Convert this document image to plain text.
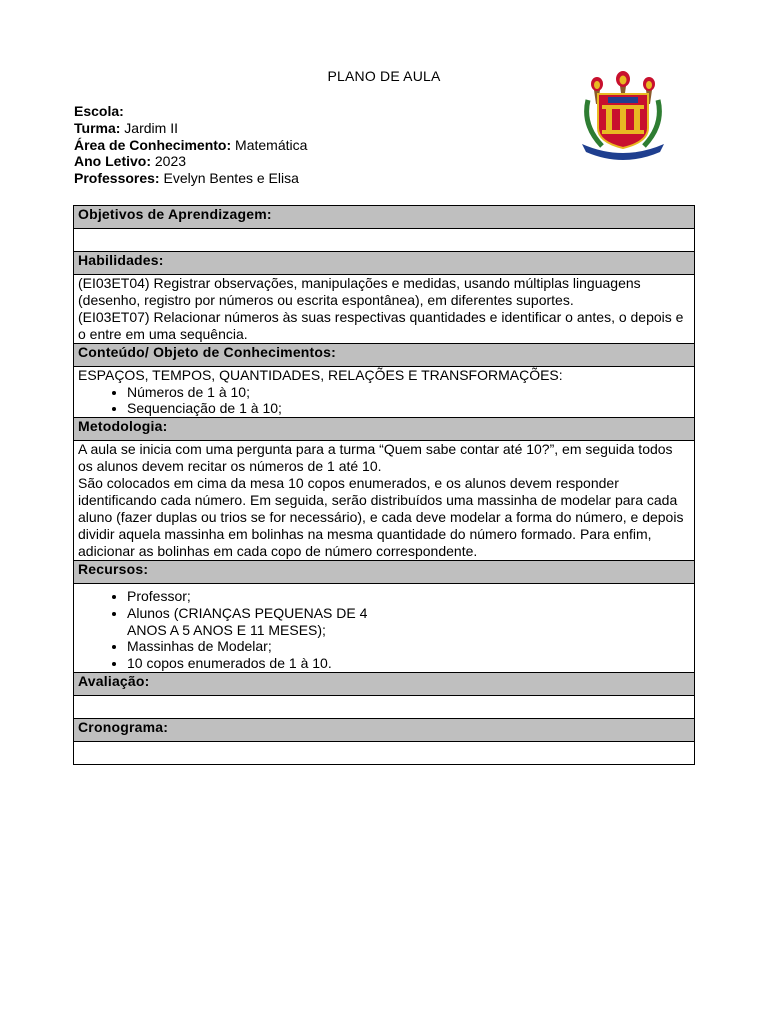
PLANO DE AULA
Escola:
Turma: Jardim II
Área de Conhecimento: Matemática
Ano Letivo: 2023
Professores: Evelyn Bentes e Elisa
Objetivos de Aprendizagem:

Habilidades:

(EI03ET04) Registrar observações, manipulações e medidas, usando múltiplas linguagens (desenho, registro por números ou escrita espontânea), em diferentes suportes.

(EI03ET07) Relacionar números às suas respectivas quantidades e identificar o antes, o depois e o entre em uma sequência.

Conteúdo/ Objeto de Conhecimentos:

ESPAÇOS, TEMPOS, QUANTIDADES, RELAÇÕES E TRANSFORMAÇÕES:

• Números de 1 à 10;
• Sequenciação de 1 à 10;

Metodologia:

A aula se inicia com uma pergunta para a turma “Quem sabe contar até 10?”, em seguida todos os alunos devem recitar os números de 1 até 10.

São colocados em cima da mesa 10 copos enumerados, e os alunos devem responder identificando cada número. Em seguida, serão distribuídos uma massinha de modelar para cada aluno (fazer duplas ou trios se for necessário), e cada deve modelar a forma do número, e depois dividir aquela massinha em bolinhas na mesma quantidade do número formado. Para enfim, adicionar as bolinhas em cada copo de número correspondente.

Recursos:

• Professor;
• Alunos (CRIANÇAS PEQUENAS DE 4 ANOS A 5 ANOS E 11 MESES);
• Massinhas de Modelar;
• 10 copos enumerados de 1 à 10.

Avaliação:

Cronograma:
